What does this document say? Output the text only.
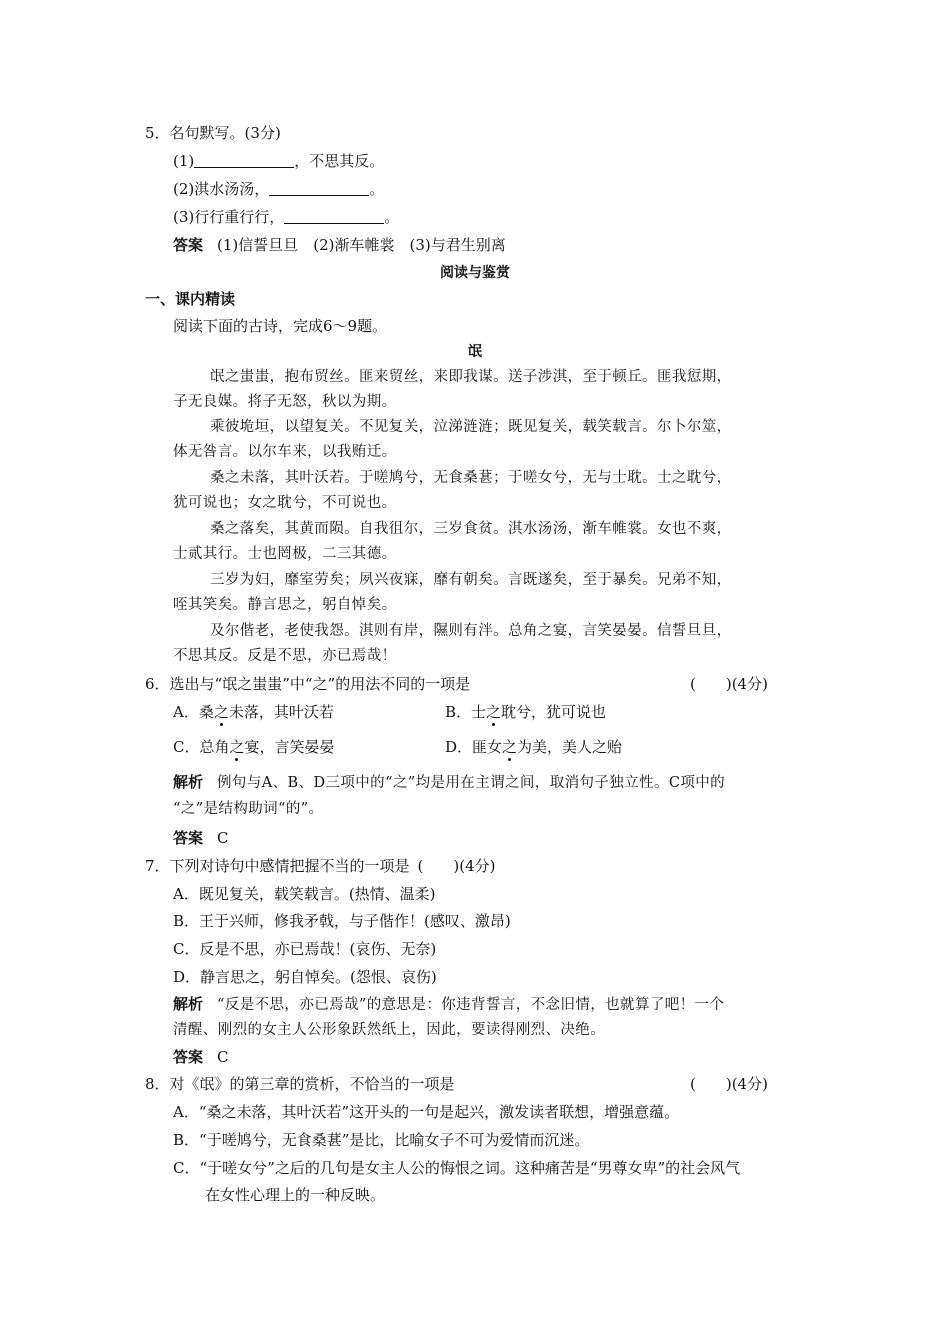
5．名句默写。(3分)
(1)	，不思其反。
(2)淇水汤汤，	。
(3)行行重行行，	。
答案 (1)信誓旦旦　(2)渐车帷裳　(3)与君生别离
阅读与鉴赏
一、课内精读
阅读下面的古诗，完成6～9题。
氓
氓之蚩蚩，抱布贸丝。匪来贸丝，来即我谋。送子涉淇，至于顿丘。匪我愆期，
子无良媒。将子无怒，秋以为期。
乘彼垝垣，以望复关。不见复关，泣涕涟涟；既见复关，载笑载言。尔卜尔筮，
体无咎言。以尔车来，以我贿迁。
桑之未落，其叶沃若。于嗟鸠兮，无食桑葚；于嗟女兮，无与士耽。士之耽兮，
犹可说也；女之耽兮，不可说也。
桑之落矣，其黄而陨。自我徂尔，三岁食贫。淇水汤汤，渐车帷裳。女也不爽，
士贰其行。士也罔极，二三其德。
三岁为妇，靡室劳矣；夙兴夜寐，靡有朝矣。言既遂矣，至于暴矣。兄弟不知，
咥其笑矣。静言思之，躬自悼矣。
及尔偕老，老使我怨。淇则有岸，隰则有泮。总角之宴，言笑晏晏。信誓旦旦，
不思其反。反是不思，亦已焉哉！
6．选出与“氓之蚩蚩”中“之”的用法不同的一项是	(　　)(4分)
A．桑之未落，其叶沃若	B．士之耽兮，犹可说也
C．总角之宴，言笑晏晏	D．匪女之为美，美人之贻
解析 例句与A、B、D三项中的“之”均是用在主谓之间，取消句子独立性。C项中的
“之”是结构助词“的”。
答案 C
7．下列对诗句中感情把握不当的一项是 (　　)(4分)
A．既见复关，载笑载言。(热情、温柔)
B．王于兴师，修我矛戟，与子偕作！(感叹、激昂)
C．反是不思，亦已焉哉！(哀伤、无奈)
D．静言思之，躬自悼矣。(怨恨、哀伤)
解析 “反是不思，亦已焉哉”的意思是：你违背誓言，不念旧情，也就算了吧！一个
清醒、刚烈的女主人公形象跃然纸上，因此，要读得刚烈、决绝。
答案 C
8．对《氓》的第三章的赏析，不恰当的一项是	(　　)(4分)
A．“桑之未落，其叶沃若”这开头的一句是起兴，激发读者联想，增强意蕴。
B．“于嗟鸠兮，无食桑葚”是比，比喻女子不可为爱情而沉迷。
C．“于嗟女兮”之后的几句是女主人公的悔恨之词。这种痛苦是“男尊女卑”的社会风气
在女性心理上的一种反映。
